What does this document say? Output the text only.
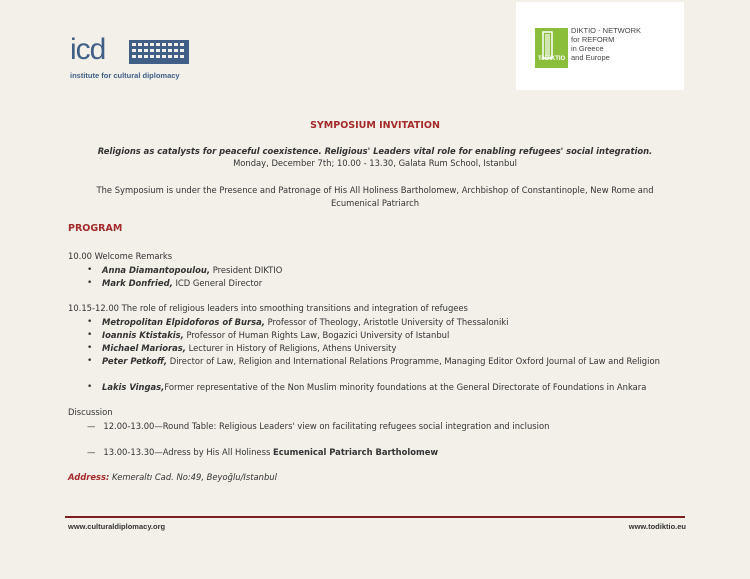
icd
institute for cultural diplomacy
ToDIKTIO
DIKTIO - NETWORK
for REFORM
in Greece
and Europe
SYMPOSIUM INVITATION
Religions as catalysts for peaceful coexistence. Religious' Leaders vital role for enabling refugees' social integration.
Monday, December 7th; 10.00 - 13.30, Galata Rum School, Istanbul
The Symposium is under the Presence and Patronage of His All Holiness Bartholomew, Archbishop of Constantinople, New Rome and Ecumenical Patriarch
PROGRAM
10.00 Welcome Remarks
• Anna Diamantopoulou, President DIKTIO
• Mark Donfried, ICD General Director
10.15-12.00 The role of religious leaders into smoothing transitions and integration of refugees
• Metropolitan Elpidoforos of Bursa, Professor of Theology, Aristotle University of Thessaloniki
• Ioannis Ktistakis, Professor of Human Rights Law, Bogazici University of Istanbul
• Michael Marioras, Lecturer in History of Religions, Athens University
• Peter Petkoff, Director of Law, Religion and International Relations Programme, Managing Editor Oxford Journal of Law and Religion
• Lakis Vingas,Former representative of the Non Muslim minority foundations at the General Directorate of Foundations in Ankara
Discussion
— 12.00-13.00—Round Table: Religious Leaders' view on facilitating refugees social integration and inclusion
— 13.00-13.30—Adress by His All Holiness Ecumenical Patriarch Bartholomew
Address: Kemeraltı Cad. No:49, Beyoğlu/Istanbul
www.culturaldiplomacy.org	www.todiktio.eu
